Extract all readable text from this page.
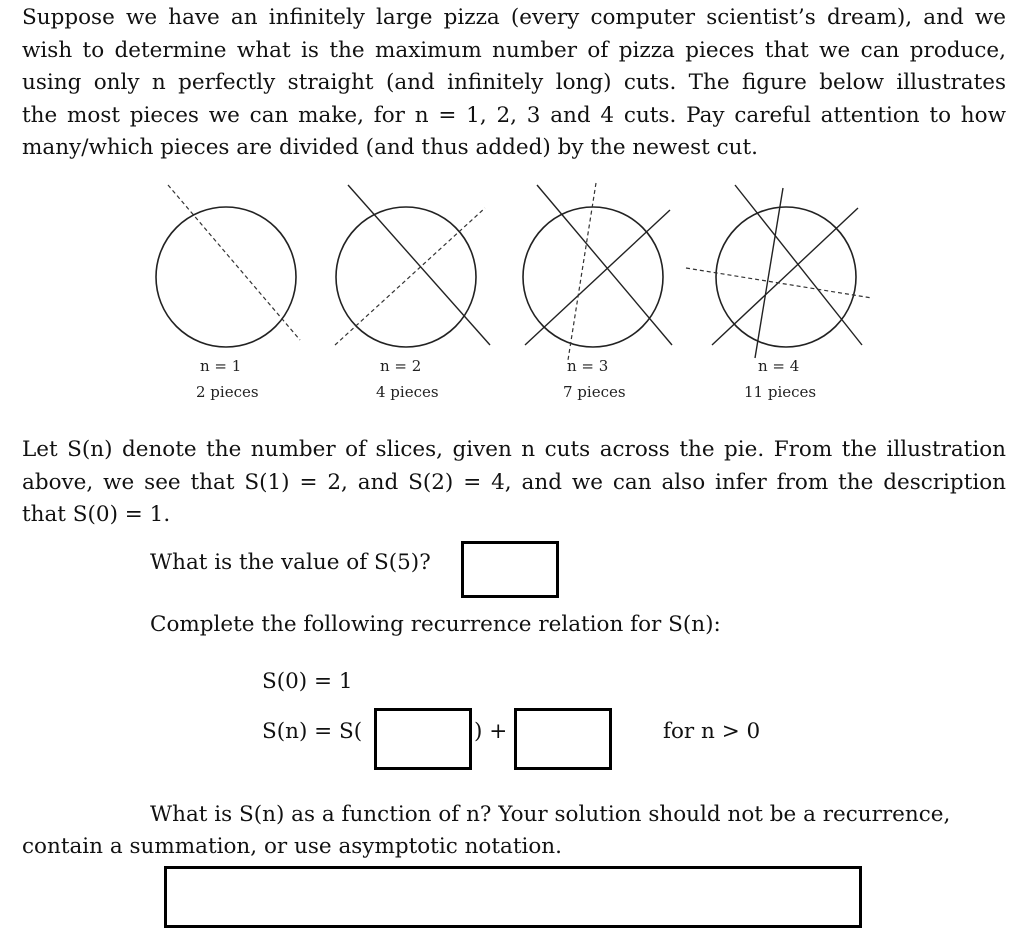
Suppose we have an infinitely large pizza (every computer scientist’s dream), and we
wish to determine what is the maximum number of pizza pieces that we can produce,
using only n perfectly straight (and infinitely long) cuts. The figure below illustrates
the most pieces we can make, for n = 1, 2, 3 and 4 cuts. Pay careful attention to how
many/which pieces are divided (and thus added) by the newest cut.
n = 1
2 pieces
n = 2
4 pieces
n = 3
7 pieces
n = 4
11 pieces
Let S(n) denote the number of slices, given n cuts across the pie. From the illustration
above, we see that S(1) = 2, and S(2) = 4, and we can also infer from the description
that S(0) = 1.
What is the value of S(5)?
Complete the following recurrence relation for S(n):
S(0) = 1
S(n) = S(	) +	for n > 0
What is S(n) as a function of n? Your solution should not be a recurrence,
contain a summation, or use asymptotic notation.
